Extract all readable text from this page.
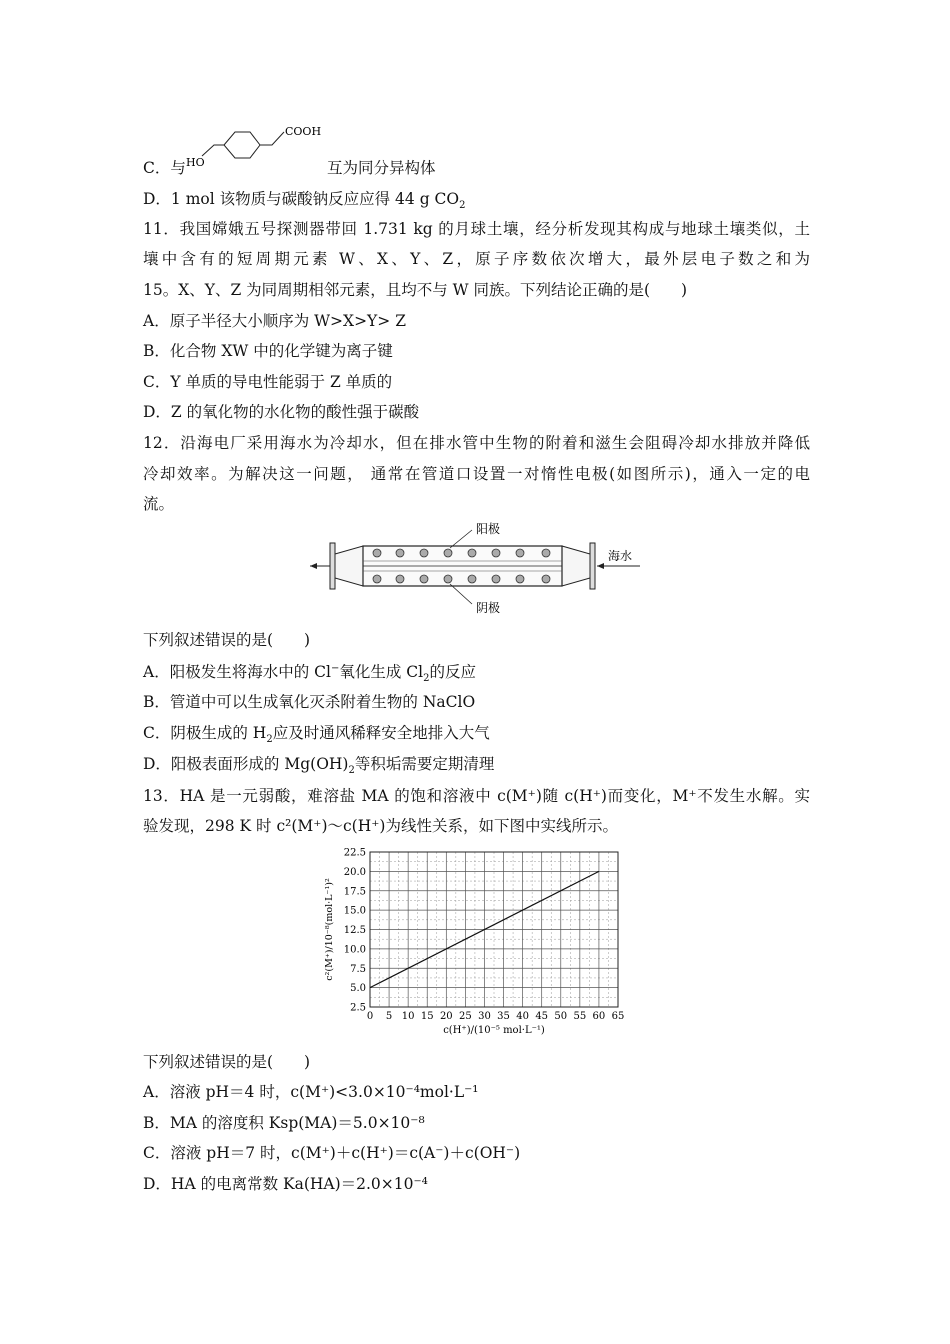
C．与 HO
COOH
互为同分异构体
D．1 mol 该物质与碳酸钠反应应得 44 g $CO_2$
11．我国嫦娥五号探测器带回 1.731 kg 的月球土壤，经分析发现其构成与地球土壤类似，土
壤中含有的短周期元素 W、X、Y、Z，原子序数依次增大，最外层电子数之和为
15。X、Y、Z 为同周期相邻元素，且均不与 W 同族。下列结论正确的是(　　)
A．原子半径大小顺序为 W>X>Y> Z
B．化合物 XW 中的化学键为离子键
C．Y 单质的导电性能弱于 Z 单质的
D．Z 的氧化物的水化物的酸性强于碳酸
12．沿海电厂采用海水为冷却水，但在排水管中生物的附着和滋生会阻碍冷却水排放并降低
冷却效率。为解决这一问题， 通常在管道口设置一对惰性电极(如图所示)，通入一定的电
流。
阳极
阴极
海水
下列叙述错误的是(　　)
A．阳极发生将海水中的 Cl−氧化生成 $Cl_2$的反应
B．管道中可以生成氧化灭杀附着生物的 NaClO
C．阴极生成的 $H_2$应及时通风稀释安全地排入大气
D．阳极表面形成的 $Mg(OH)_2$等积垢需要定期清理
13．HA 是一元弱酸，难溶盐 MA 的饱和溶液中 c(M⁺)随 c(H⁺)而变化，M⁺不发生水解。实
验发现，298 K 时 c²(M⁺)～c(H⁺)为线性关系，如下图中实线所示。
2.5
5.0
7.5
10.0
12.5
15.0
17.5
20.0
22.5
0 5 10 15 20 25 30 35 40 45 50 55 60 65
c(H⁺)/(10⁻⁵ mol·L⁻¹)
c²(M⁺)/10⁻⁸(mol·L⁻¹)²
下列叙述错误的是(　　)
A．溶液 pH＝4 时，c(M⁺)<3.0×10⁻⁴mol·L⁻¹
B．MA 的溶度积 Ksp(MA)＝5.0×10⁻⁸
C．溶液 pH＝7 时，c(M⁺)＋c(H⁺)＝c(A⁻)＋c(OH⁻)
D．HA 的电离常数 Ka(HA)＝2.0×10⁻⁴
